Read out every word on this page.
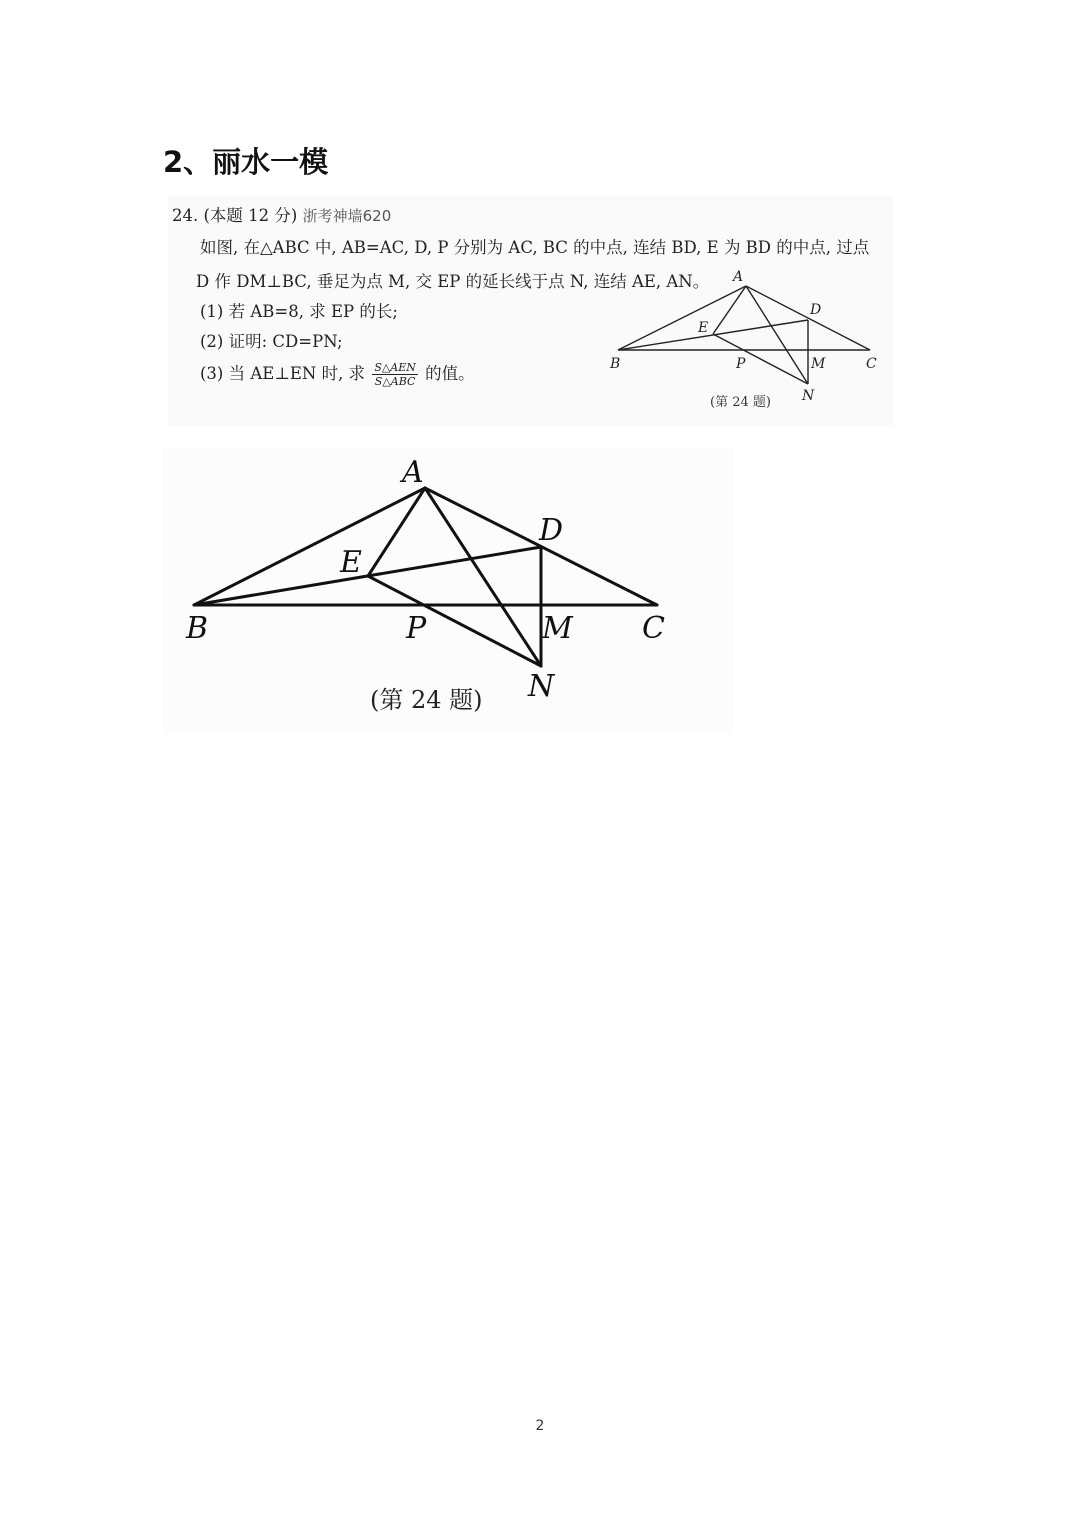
2、丽水一模
24. (本题 12 分) 浙考神墙620
如图, 在△ABC 中, AB=AC, D, P 分别为 AC, BC 的中点, 连结 BD, E 为 BD 的中点, 过点
D 作 DM⊥BC, 垂足为点 M, 交 EP 的延长线于点 N, 连结 AE, AN。
(1) 若 AB=8, 求 EP 的长;
(2) 证明: CD=PN;
(3) 当 AE⊥EN 时, 求 $\frac{\text{S△AEN}}{\text{S△ABC}}$ 的值。
A
B	C
D
E
P	M
N
(第 24 题)
A
B	C
D
E
P	M
N
(第 24 题)
2
